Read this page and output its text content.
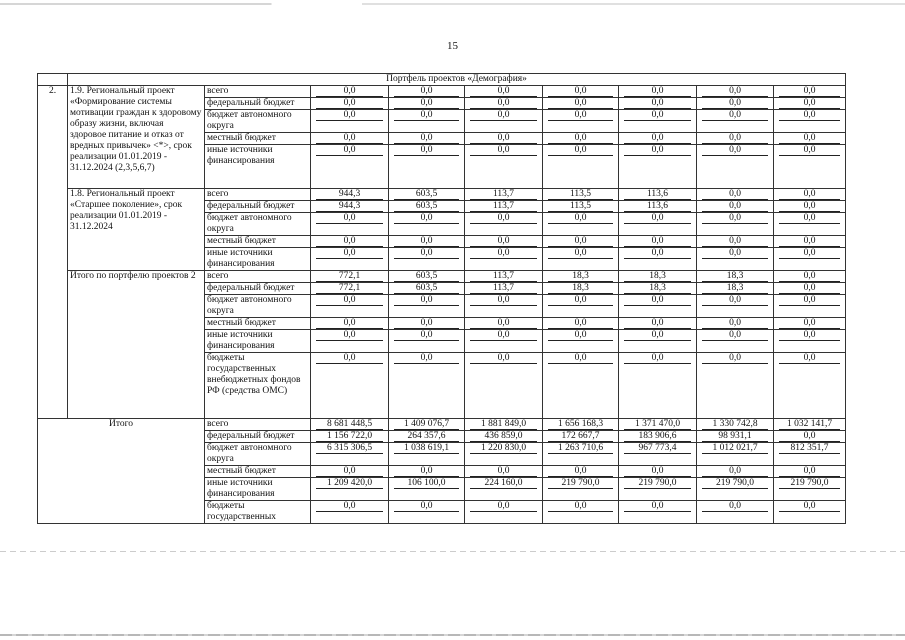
15
	Портфель проектов «Демография»								
2.	1.9. Региональный проект «Формирование системы мотивации граждан к здоровому образу жизни, включая здоровое питание и отказ от вредных привычек» <*>, срок реализации 01.01.2019 - 31.12.2024 (2,3,5,6,7)	всего	0,0	0,0	0,0	0,0	0,0	0,0	0,0

		федеральный бюджет	0,0	0,0	0,0	0,0	0,0	0,0	0,0

		бюджет автономного округа	0,0	0,0	0,0	0,0	0,0	0,0	0,0

		местный бюджет	0,0	0,0	0,0	0,0	0,0	0,0	0,0

		иные источники финансирования	0,0	0,0	0,0	0,0	0,0	0,0	0,0

	1.8. Региональный проект «Старшее поколение», срок реализации 01.01.2019 - 31.12.2024	всего	944,3	603,5	113,7	113,5	113,6	0,0	0,0

		федеральный бюджет	944,3	603,5	113,7	113,5	113,6	0,0	0,0

		бюджет автономного округа	0,0	0,0	0,0	0,0	0,0	0,0	0,0

		местный бюджет	0,0	0,0	0,0	0,0	0,0	0,0	0,0

		иные источники финансирования	0,0	0,0	0,0	0,0	0,0	0,0	0,0

	Итого по портфелю проектов 2	всего	772,1	603,5	113,7	18,3	18,3	18,3	0,0

		федеральный бюджет	772,1	603,5	113,7	18,3	18,3	18,3	0,0

		бюджет автономного округа	0,0	0,0	0,0	0,0	0,0	0,0	0,0

		местный бюджет	0,0	0,0	0,0	0,0	0,0	0,0	0,0

		иные источники финансирования	0,0	0,0	0,0	0,0	0,0	0,0	0,0

		бюджеты государственных внебюджетных фондов РФ (средства ОМС)	0,0	0,0	0,0	0,0	0,0	0,0	0,0

Итого		всего	8 681 448,5	1 409 076,7	1 881 849,0	1 656 168,3	1 371 470,0	1 330 742,8	1 032 141,7

		федеральный бюджет	1 156 722,0	264 357,6	436 859,0	172 667,7	183 906,6	98 931,1	0,0

		бюджет автономного округа	6 315 306,5	1 038 619,1	1 220 830,0	1 263 710,6	967 773,4	1 012 021,7	812 351,7

		местный бюджет	0,0	0,0	0,0	0,0	0,0	0,0	0,0

		иные источники финансирования	1 209 420,0	106 100,0	224 160,0	219 790,0	219 790,0	219 790,0	219 790,0

		бюджеты государственных	0,0	0,0	0,0	0,0	0,0	0,0	0,0
